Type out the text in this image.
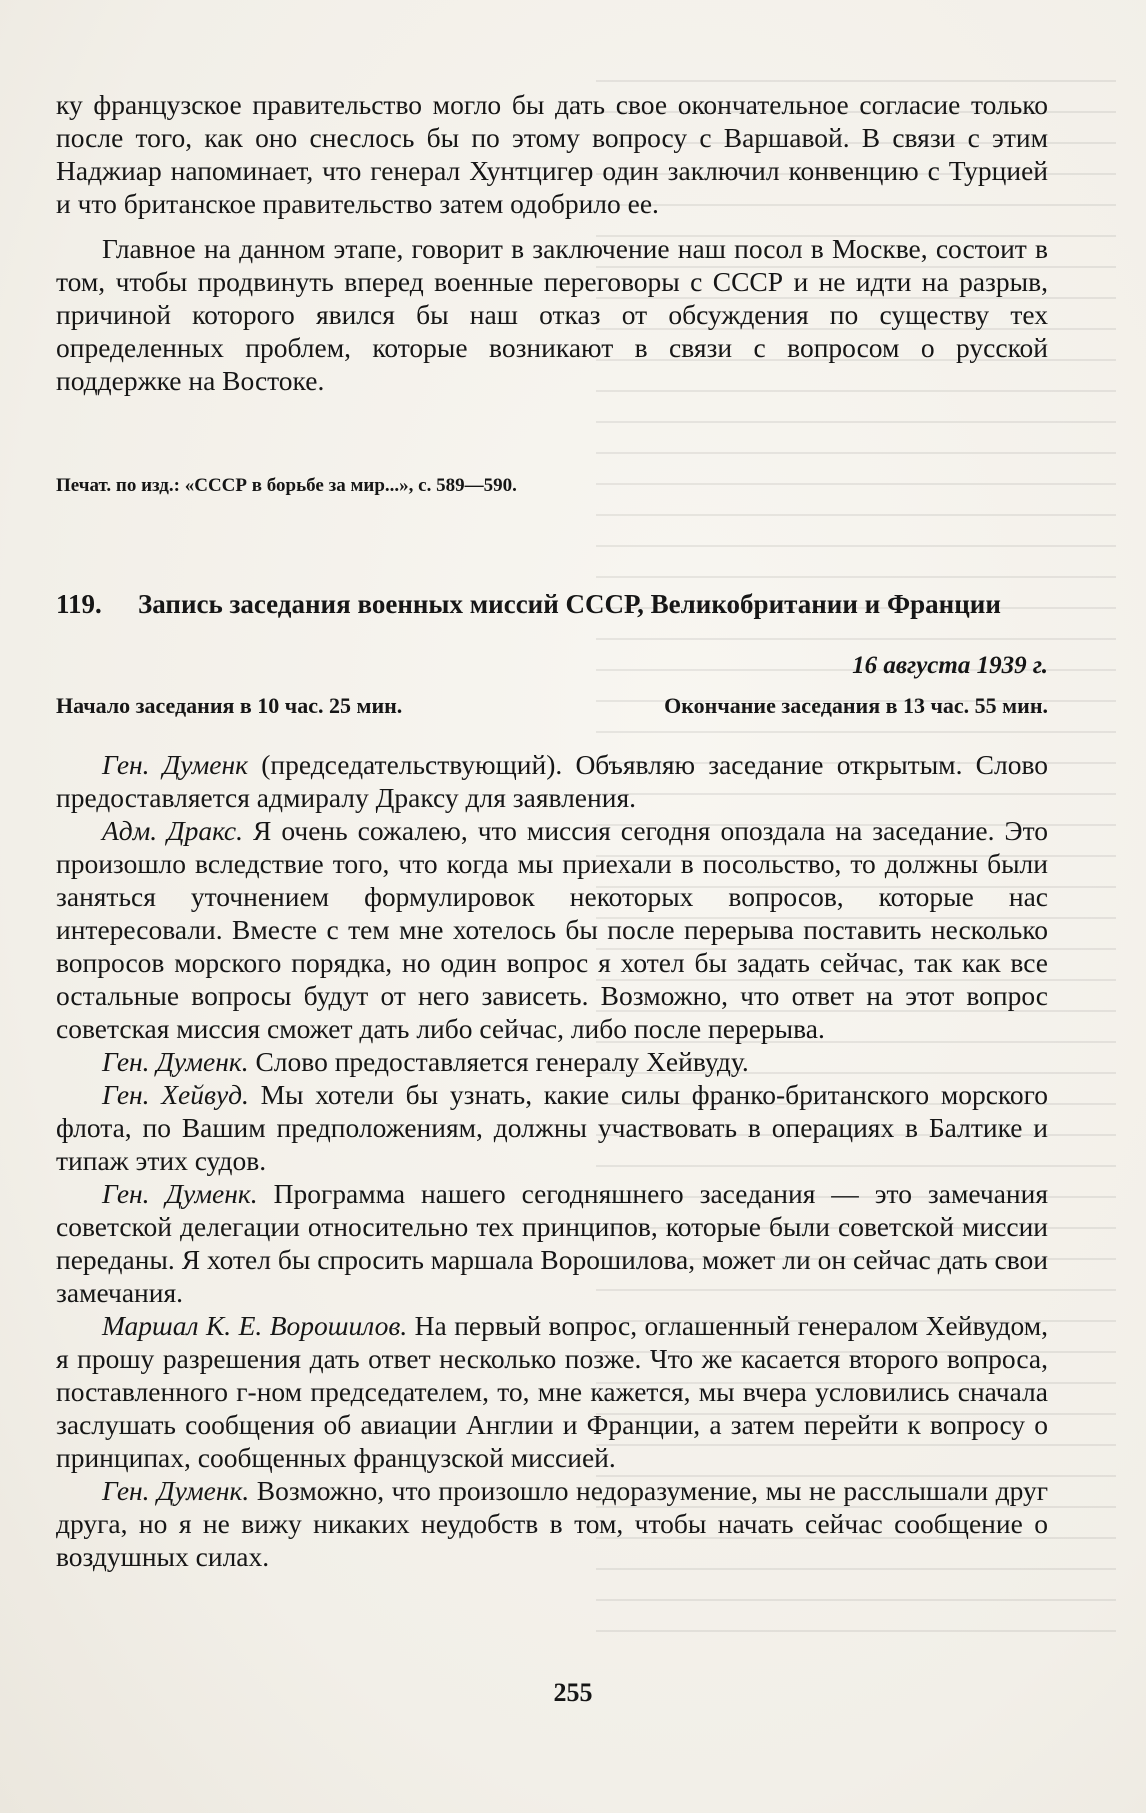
ку французское правительство могло бы дать свое окончательное согласие только после того, как оно снеслось бы по этому вопросу с Варшавой. В связи с этим Наджиар напоминает, что генерал Хунтцигер один заключил конвенцию с Турцией и что британское правительство затем одобрило ее.

Главное на данном этапе, говорит в заключение наш посол в Москве, состоит в том, чтобы продвинуть вперед военные переговоры с СССР и не идти на разрыв, причиной которого явился бы наш отказ от обсуждения по существу тех определенных проблем, которые возникают в связи с вопросом о русской поддержке на Востоке.

Печат. по изд.: «СССР в борьбе за мир...», с. 589—590.

119. Запись заседания военных миссий СССР, Великобритании и Франции

16 августа 1939 г.

Начало заседания в 10 час. 25 мин.	Окончание заседания в 13 час. 55 мин.

Ген. Думенк (председательствующий). Объявляю заседание открытым. Слово предоставляется адмиралу Драксу для заявления.

Адм. Дракс. Я очень сожалею, что миссия сегодня опоздала на заседание. Это произошло вследствие того, что когда мы приехали в посольство, то должны были заняться уточнением формулировок некоторых вопросов, которые нас интересовали. Вместе с тем мне хотелось бы после перерыва поставить несколько вопросов морского порядка, но один вопрос я хотел бы задать сейчас, так как все остальные вопросы будут от него зависеть. Возможно, что ответ на этот вопрос советская миссия сможет дать либо сейчас, либо после перерыва.

Ген. Думенк. Слово предоставляется генералу Хейвуду.

Ген. Хейвуд. Мы хотели бы узнать, какие силы франко-британского морского флота, по Вашим предположениям, должны участвовать в операциях в Балтике и типаж этих судов.

Ген. Думенк. Программа нашего сегодняшнего заседания — это замечания советской делегации относительно тех принципов, которые были советской миссии переданы. Я хотел бы спросить маршала Ворошилова, может ли он сейчас дать свои замечания.

Маршал К. Е. Ворошилов. На первый вопрос, оглашенный генералом Хейвудом, я прошу разрешения дать ответ несколько позже. Что же касается второго вопроса, поставленного г-ном председателем, то, мне кажется, мы вчера условились сначала заслушать сообщения об авиации Англии и Франции, а затем перейти к вопросу о принципах, сообщенных французской миссией.

Ген. Думенк. Возможно, что произошло недоразумение, мы не расслышали друг друга, но я не вижу никаких неудобств в том, чтобы начать сейчас сообщение о воздушных силах.

255
